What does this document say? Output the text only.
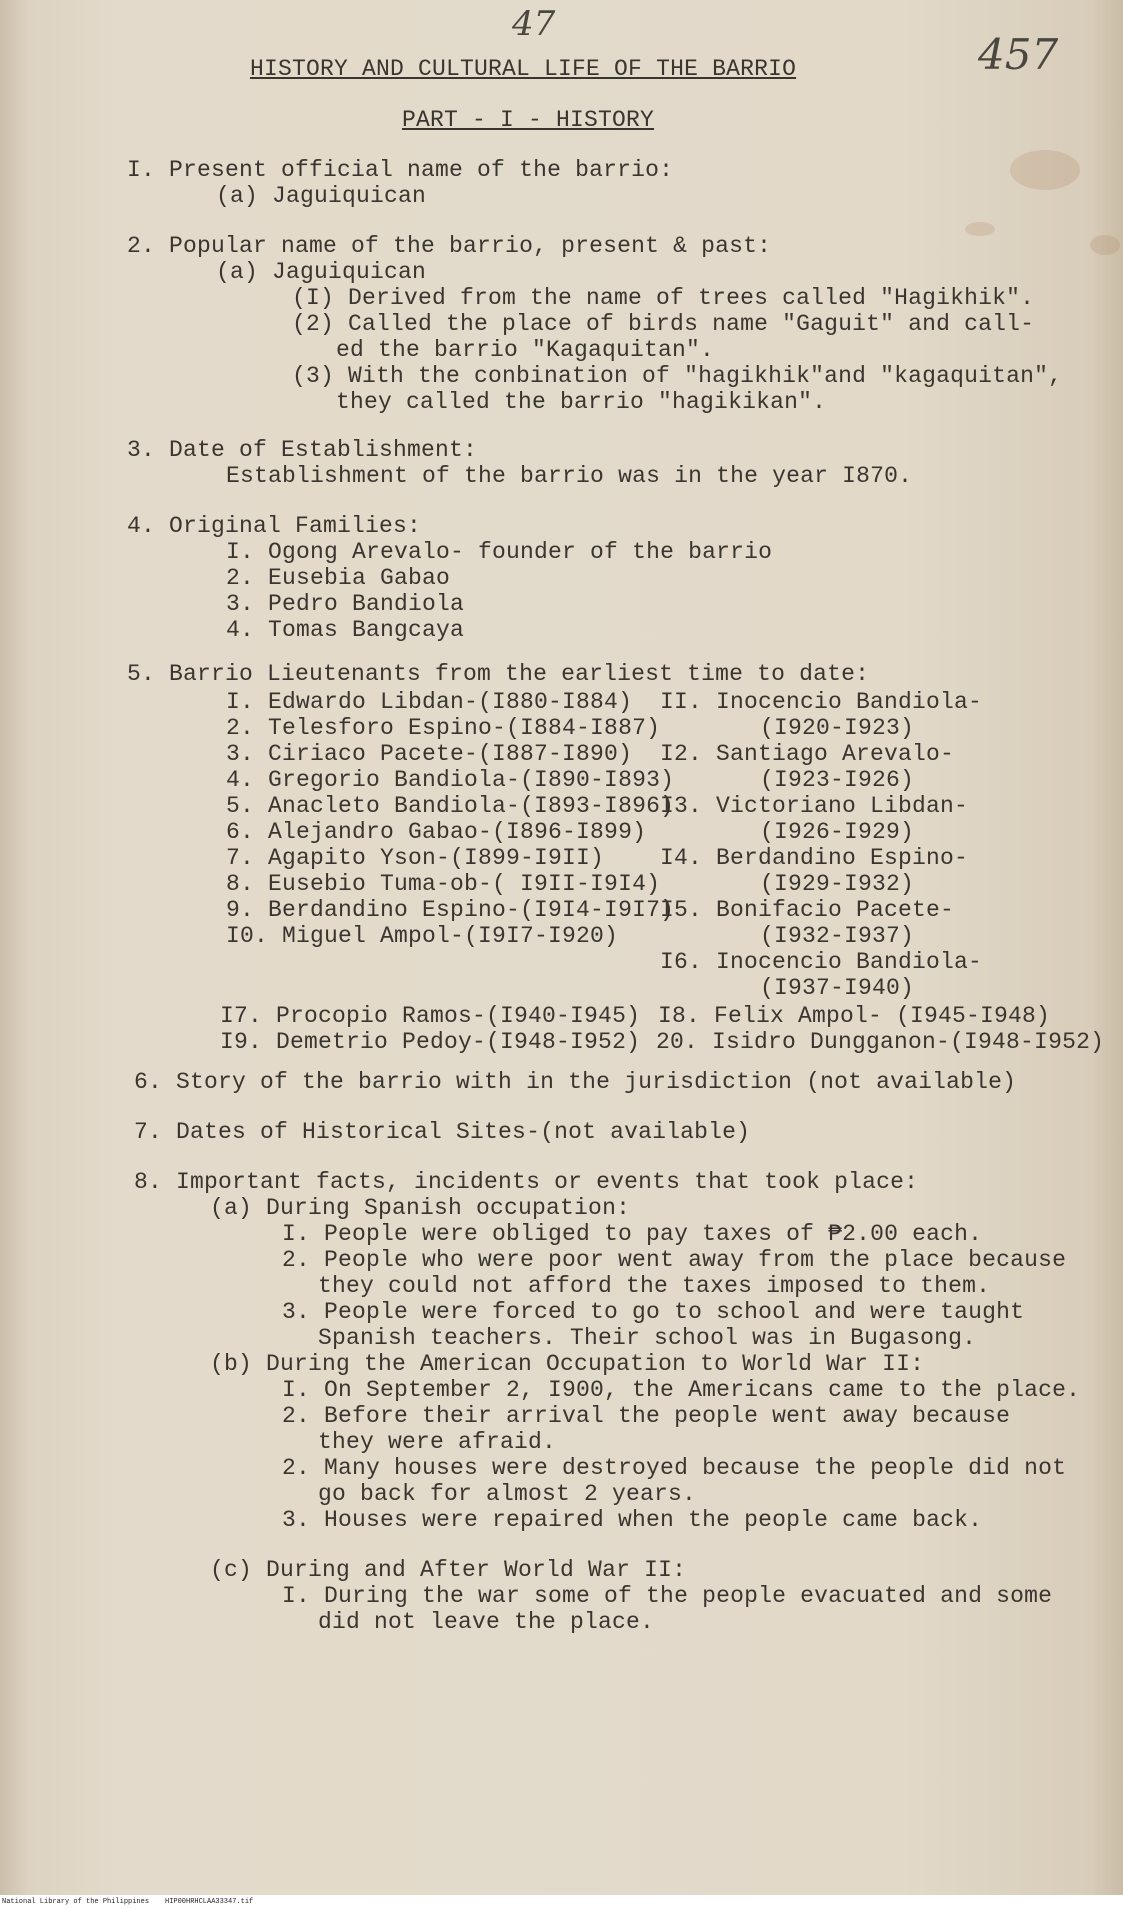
47
457
HISTORY AND CULTURAL LIFE OF THE BARRIO
PART - I - HISTORY
I. Present official name of the barrio:
(a) Jaguiquican
2. Popular name of the barrio, present & past:
(a) Jaguiquican
(I) Derived from the name of trees called "Hagikhik".
(2) Called the place of birds name "Gaguit" and call-
ed the barrio "Kagaquitan".
(3) With the conbination of "hagikhik"and "kagaquitan",
they called the barrio "hagikikan".
3. Date of Establishment:
Establishment of the barrio was in the year I870.
4. Original Families:
I. Ogong Arevalo- founder of the barrio
2. Eusebia Gabao
3. Pedro Bandiola
4. Tomas Bangcaya
5. Barrio Lieutenants from the earliest time to date:
I. Edwardo Libdan-(I880-I884)
2. Telesforo Espino-(I884-I887)
3. Ciriaco Pacete-(I887-I890)
4. Gregorio Bandiola-(I890-I893)
5. Anacleto Bandiola-(I893-I896)
6. Alejandro Gabao-(I896-I899)
7. Agapito Yson-(I899-I9II)
8. Eusebio Tuma-ob-( I9II-I9I4)
9. Berdandino Espino-(I9I4-I9I7)
I0. Miguel Ampol-(I9I7-I920)
II. Inocencio Bandiola-
(I920-I923)
I2. Santiago Arevalo-
(I923-I926)
I3. Victoriano Libdan-
(I926-I929)
I4. Berdandino Espino-
(I929-I932)
I5. Bonifacio Pacete-
(I932-I937)
I6. Inocencio Bandiola-
(I937-I940)
I7. Procopio Ramos-(I940-I945) I8. Felix Ampol- (I945-I948)
I9. Demetrio Pedoy-(I948-I952) 20. Isidro Dungganon-(I948-I952)
6. Story of the barrio with in the jurisdiction (not available)
7. Dates of Historical Sites-(not available)
8. Important facts, incidents or events that took place:
(a) During Spanish occupation:
I. People were obliged to pay taxes of ₱2.00 each.
2. People who were poor went away from the place because
they could not afford the taxes imposed to them.
3. People were forced to go to school and were taught
Spanish teachers. Their school was in Bugasong.
(b) During the American Occupation to World War II:
I. On September 2, I900, the Americans came to the place.
2. Before their arrival the people went away because
they were afraid.
2. Many houses were destroyed because the people did not
go back for almost 2 years.
3. Houses were repaired when the people came back.
(c) During and After World War II:
I. During the war some of the people evacuated and some
did not leave the place.
National Library of the Philippines HIP00HRHCLAA33347.tif
